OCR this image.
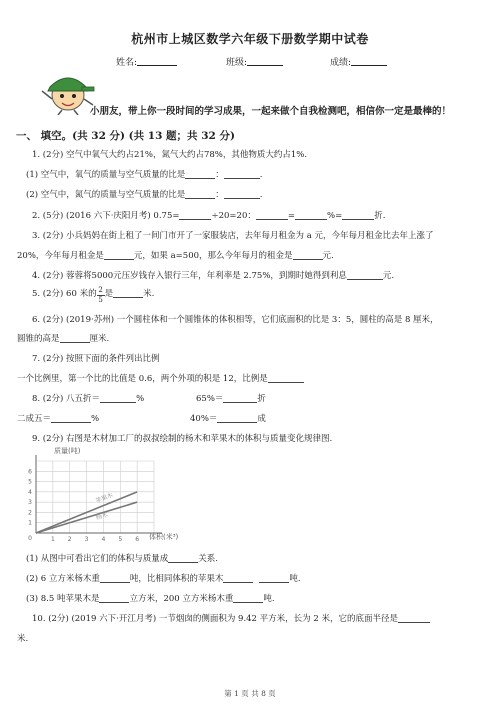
杭州市上城区数学六年级下册数学期中试卷
姓名:	班级:	成绩:
小朋友，带上你一段时间的学习成果，一起来做个自我检测吧，相信你一定是最棒的！
一、 填空。(共 32 分) (共 13 题；共 32 分)
1. (2分) 空气中氧气大约占21%，氮气大约占78%，其他物质大约占1%.
(1) 空气中，氧气的质量与空气质量的比是	：	.
(2) 空气中，氮气的质量与空气质量的比是	：	.
2. (5分) (2016 六下·庆阳月考) 0.75=	÷20=20：	=	%=	折.
3. (2分) 小兵妈妈在街上租了一间门市开了一家服装店，去年每月租金为 a 元，今年每月租金比去年上涨了
20%，今年每月租金是	元，如果 a=500，那么今年每月的租金是	元.
4. (2分) 蓉蓉将5000元压岁钱存入银行三年，年利率是 2.75%，到期时她得到利息	元.
5. (2分) 60 米的 $\frac{2}{5}$ 是	米.
6. (2分) (2019·苏州) 一个圆柱体和一个圆锥体的体积相等，它们底面积的比是 3：5，圆柱的高是 8 厘米，
圆锥的高是	厘米.
7. (2分) 按照下面的条件列出比例
一个比例里，第一个比的比值是 0.6，两个外项的积是 12，比例是
8. (2分) 八五折＝	%	65%＝	折
二成五＝	%	40%＝	成
9. (2分) 右图是木材加工厂的叔叔绘制的杨木和苹果木的体积与质量变化规律图.
1 2 3 4 5 6
1
2
3
4
5
6
0
苹果木
杨木
质量(吨)
体积(米³)
(1) 从图中可看出它们的体积与质量成	关系.
(2) 6 立方米杨木重	吨，比相同体积的苹果木	吨.
(3) 8.5 吨苹果木是	立方米，200 立方米杨木重	吨.
10. (2分) (2019 六下·开江月考) 一节烟囱的侧面积为 9.42 平方米，长为 2 米，它的底面半径是
米.
第 1 页 共 8 页
